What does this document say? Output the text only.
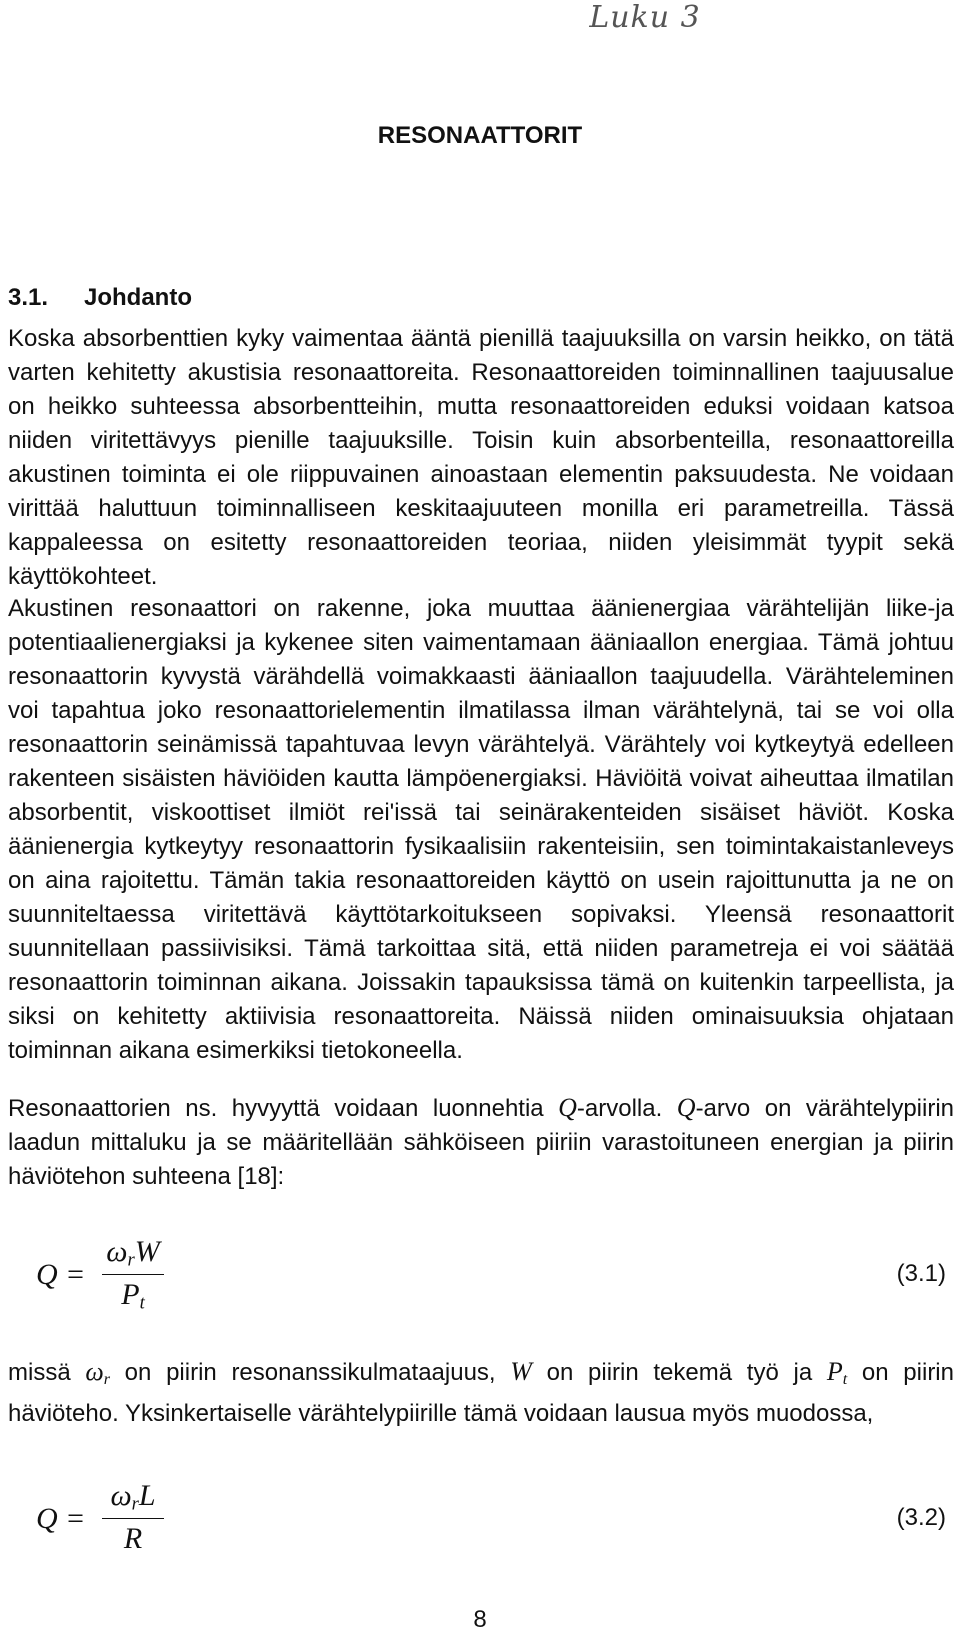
Luku 3
RESONAATTORIT
3.1. Johdanto

Koska absorbenttien kyky vaimentaa ääntä pienillä taajuuksilla on varsin heikko, on tätä varten kehitetty akustisia resonaattoreita. Resonaattoreiden toiminnallinen taajuusalue on heikko suhteessa absorbentteihin, mutta resonaattoreiden eduksi voidaan katsoa niiden viritettävyys pienille taajuuksille. Toisin kuin absorbenteilla, resonaattoreilla akustinen toiminta ei ole riippuvainen ainoastaan elementin paksuudesta. Ne voidaan virittää haluttuun toiminnalliseen keskitaajuuteen monilla eri parametreilla. Tässä kappaleessa on esitetty resonaattoreiden teoriaa, niiden yleisimmät tyypit sekä käyttökohteet.

Akustinen resonaattori on rakenne, joka muuttaa äänienergiaa värähtelijän liike-ja potentiaalienergiaksi ja kykenee siten vaimentamaan ääniaallon energiaa. Tämä johtuu resonaattorin kyvystä värähdellä voimakkaasti ääniaallon taajuudella. Värähteleminen voi tapahtua joko resonaattorielementin ilmatilassa ilman värähtelynä, tai se voi olla resonaattorin seinämissä tapahtuvaa levyn värähtelyä. Värähtely voi kytkeytyä edelleen rakenteen sisäisten häviöiden kautta lämpöenergiaksi. Häviöitä voivat aiheuttaa ilmatilan absorbentit, viskoottiset ilmiöt rei'issä tai seinärakenteiden sisäiset häviöt. Koska äänienergia kytkeytyy resonaattorin fysikaalisiin rakenteisiin, sen toimintakaistanleveys on aina rajoitettu. Tämän takia resonaattoreiden käyttö on usein rajoittunutta ja ne on suunniteltaessa viritettävä käyttötarkoitukseen sopivaksi. Yleensä resonaattorit suunnitellaan passiivisiksi. Tämä tarkoittaa sitä, että niiden parametreja ei voi säätää resonaattorin toiminnan aikana. Joissakin tapauksissa tämä on kuitenkin tarpeellista, ja siksi on kehitetty aktiivisia resonaattoreita. Näissä niiden ominaisuuksia ohjataan toiminnan aikana esimerkiksi tietokoneella.

Resonaattorien ns. hyvyyttä voidaan luonnehtia Q-arvolla. Q-arvo on värähtelypiirin laadun mittaluku ja se määritellään sähköiseen piiriin varastoituneen energian ja piirin häviötehon suhteena [18]:

Q =
$\omega_rW$
$P_t$
(3.1)

missä $\omega_r$ on piirin resonanssikulmataajuus, W on piirin tekemä työ ja $P_t$ on piirin häviöteho. Yksinkertaiselle värähtelypiirille tämä voidaan lausua myös muodossa,

Q =
$\omega_rL$
R
(3.2)
8
